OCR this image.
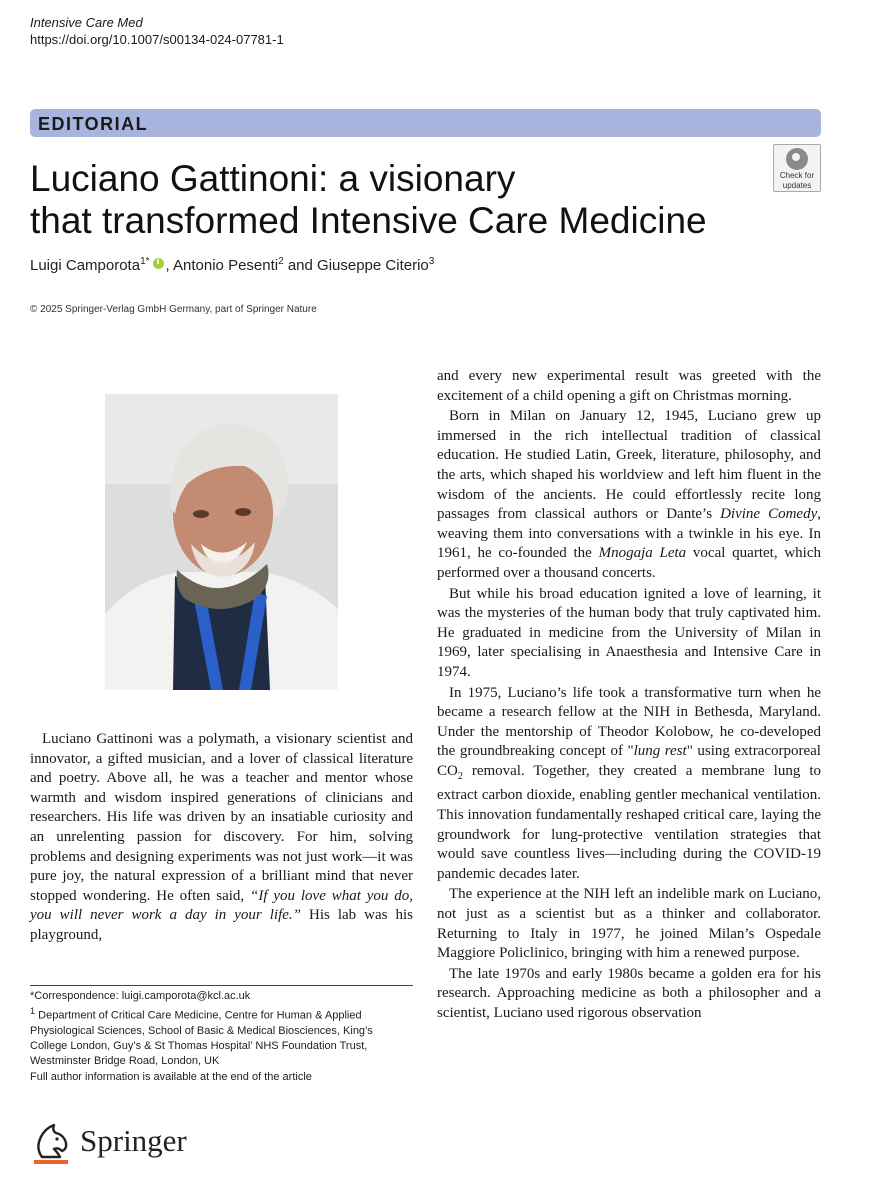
Intensive Care Med
https://doi.org/10.1007/s00134-024-07781-1
EDITORIAL
Check for
updates
Luciano Gattinoni: a visionary
that transformed Intensive Care Medicine
Luigi Camporota$^{1*}$i , Antonio Pesenti$^2$ and Giuseppe Citerio$^3$
© 2025 Springer-Verlag GmbH Germany, part of Springer Nature

Luciano Gattinoni was a polymath, a visionary scientist and innovator, a gifted musician, and a lover of classical literature and poetry. Above all, he was a teacher and mentor whose warmth and wisdom inspired generations of clinicians and researchers. His life was driven by an insatiable curiosity and an unrelenting passion for discovery. For him, solving problems and designing experiments was not just work—it was pure joy, the natural expression of a brilliant mind that never stopped wondering. He often said, “If you love what you do, you will never work a day in your life.” His lab was his playground,

*Correspondence: luigi.camporota@kcl.ac.uk

$^1$ Department of Critical Care Medicine, Centre for Human & Applied Physiological Sciences, School of Basic & Medical Biosciences, King’s College London, Guy’s & St Thomas Hospital’ NHS Foundation Trust, Westminster Bridge Road, London, UK

Full author information is available at the end of the article

and every new experimental result was greeted with the excitement of a child opening a gift on Christmas morning.

Born in Milan on January 12, 1945, Luciano grew up immersed in the rich intellectual tradition of classical education. He studied Latin, Greek, literature, philosophy, and the arts, which shaped his worldview and left him fluent in the wisdom of the ancients. He could effortlessly recite long passages from classical authors or Dante’s Divine Comedy, weaving them into conversations with a twinkle in his eye. In 1961, he co-founded the Mnogaja Leta vocal quartet, which performed over a thousand concerts.

But while his broad education ignited a love of learning, it was the mysteries of the human body that truly captivated him. He graduated in medicine from the University of Milan in 1969, later specialising in Anaesthesia and Intensive Care in 1974.

In 1975, Luciano’s life took a transformative turn when he became a research fellow at the NIH in Bethesda, Maryland. Under the mentorship of Theodor Kolobow, he co-developed the groundbreaking concept of "lung rest" using extracorporeal $CO_2$ removal. Together, they created a membrane lung to extract carbon dioxide, enabling gentler mechanical ventilation. This innovation fundamentally reshaped critical care, laying the groundwork for lung-protective ventilation strategies that would save countless lives—including during the COVID-19 pandemic decades later.

The experience at the NIH left an indelible mark on Luciano, not just as a scientist but as a thinker and collaborator. Returning to Italy in 1977, he joined Milan’s Ospedale Maggiore Policlinico, bringing with him a renewed purpose.

The late 1970s and early 1980s became a golden era for his research. Approaching medicine as both a philosopher and a scientist, Luciano used rigorous observation

Springer
